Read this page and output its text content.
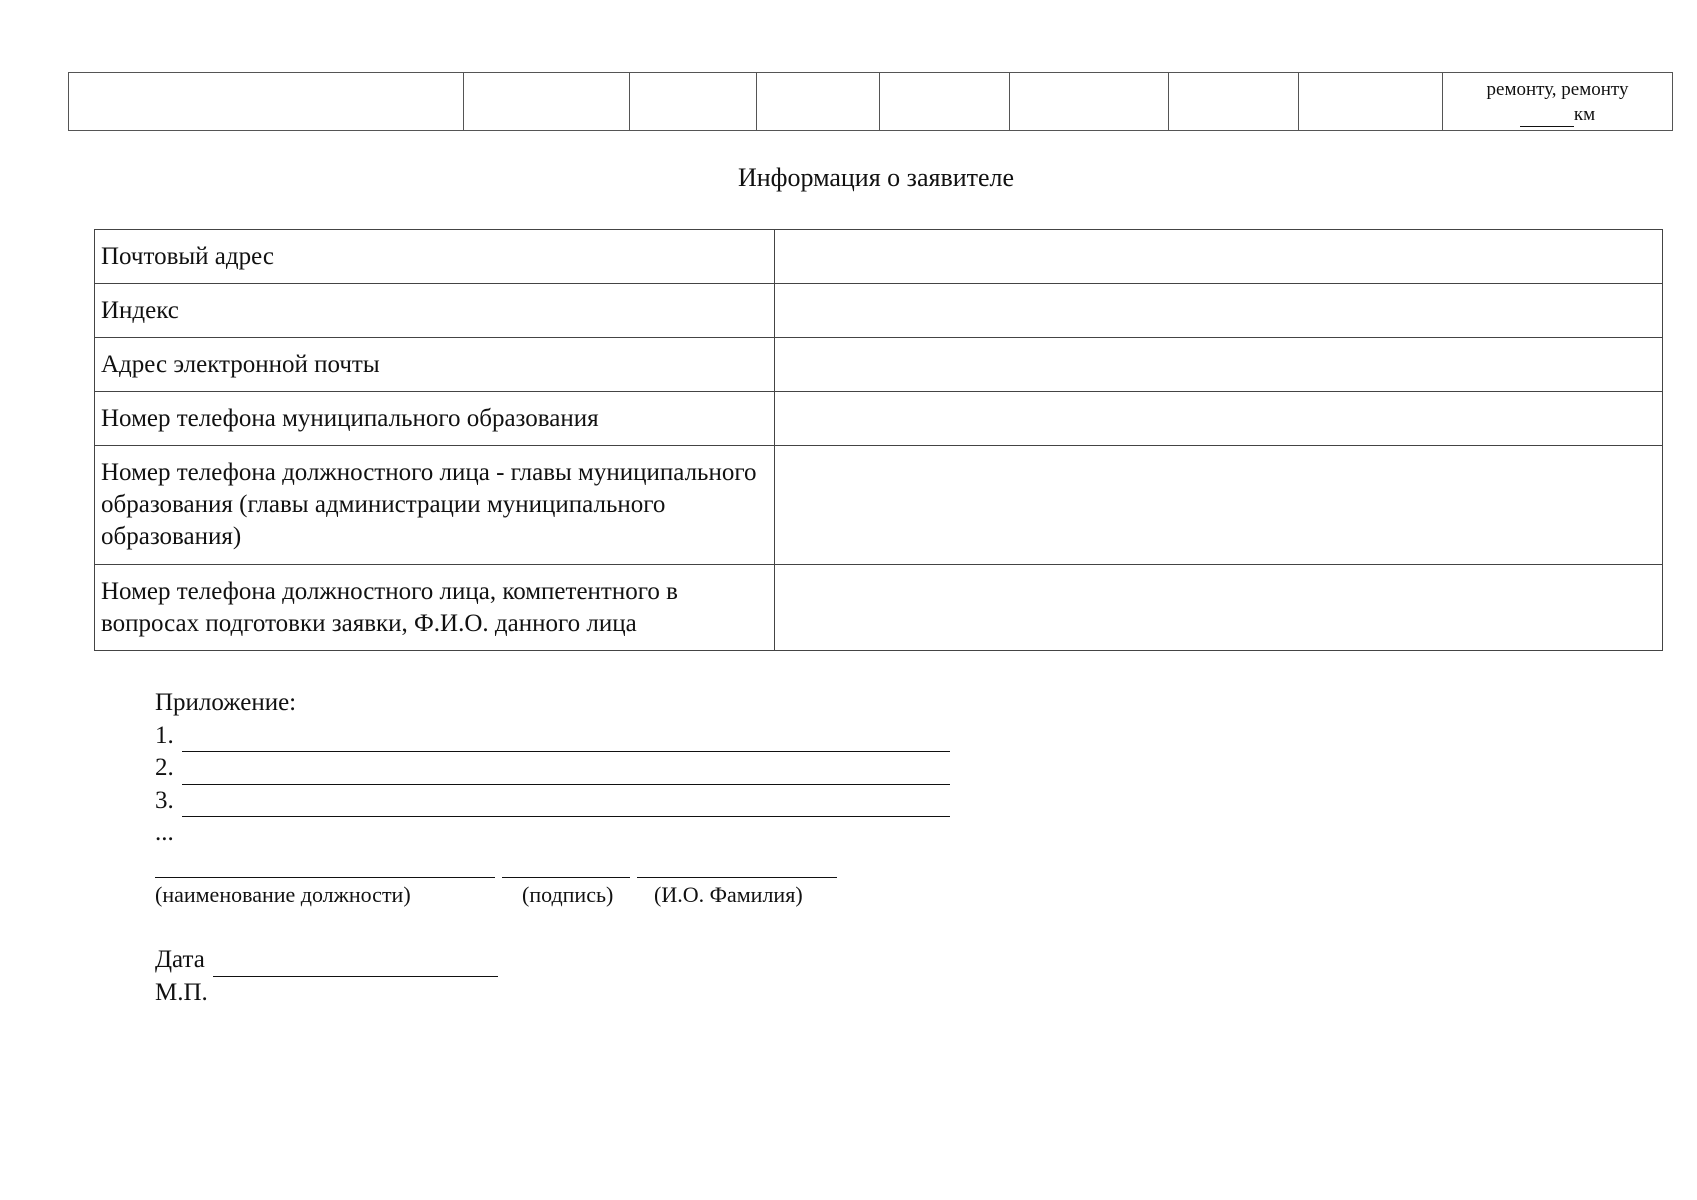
ремонту, ремонту
км
Информация о заявителе
Почтовый адрес	
Индекс	
Адрес электронной почты	
Номер телефона муниципального образования	
Номер телефона должностного лица - главы муниципального образования (главы администрации муниципального образования)	
Номер телефона должностного лица, компетентного в вопросах подготовки заявки, Ф.И.О. данного лица	
Приложение:
1.
2.
3.
...
(наименование должности)	(подпись) (И.О. Фамилия)
Дата
М.П.
